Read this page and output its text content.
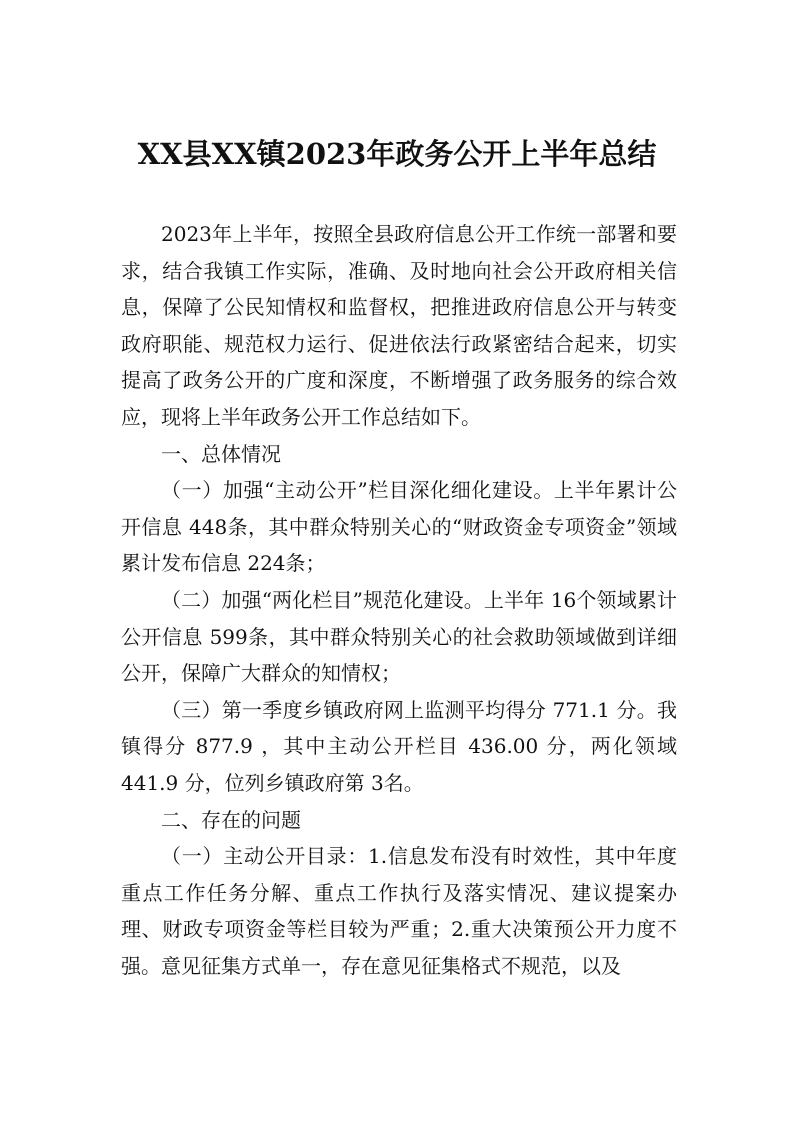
XX县XX镇2023年政务公开上半年总结

2023年上半年，按照全县政府信息公开工作统一部署和要求，结合我镇工作实际，准确、及时地向社会公开政府相关信息，保障了公民知情权和监督权，把推进政府信息公开与转变政府职能、规范权力运行、促进依法行政紧密结合起来，切实提高了政务公开的广度和深度，不断增强了政务服务的综合效应，现将上半年政务公开工作总结如下。

一、总体情况

（一）加强“主动公开”栏目深化细化建设。上半年累计公开信息 448条，其中群众特别关心的“财政资金专项资金”领域累计发布信息 224条；

（二）加强“两化栏目”规范化建设。上半年 16个领域累计公开信息 599条，其中群众特别关心的社会救助领域做到详细公开，保障广大群众的知情权；

（三）第一季度乡镇政府网上监测平均得分 771.1 分。我镇得分 877.9 ，其中主动公开栏目 436.00 分，两化领域 441.9 分，位列乡镇政府第 3名。

二、存在的问题

（一）主动公开目录：1.信息发布没有时效性，其中年度重点工作任务分解、重点工作执行及落实情况、建议提案办理、财政专项资金等栏目较为严重；2.重大决策预公开力度不强。意见征集方式单一，存在意见征集格式不规范，以及
